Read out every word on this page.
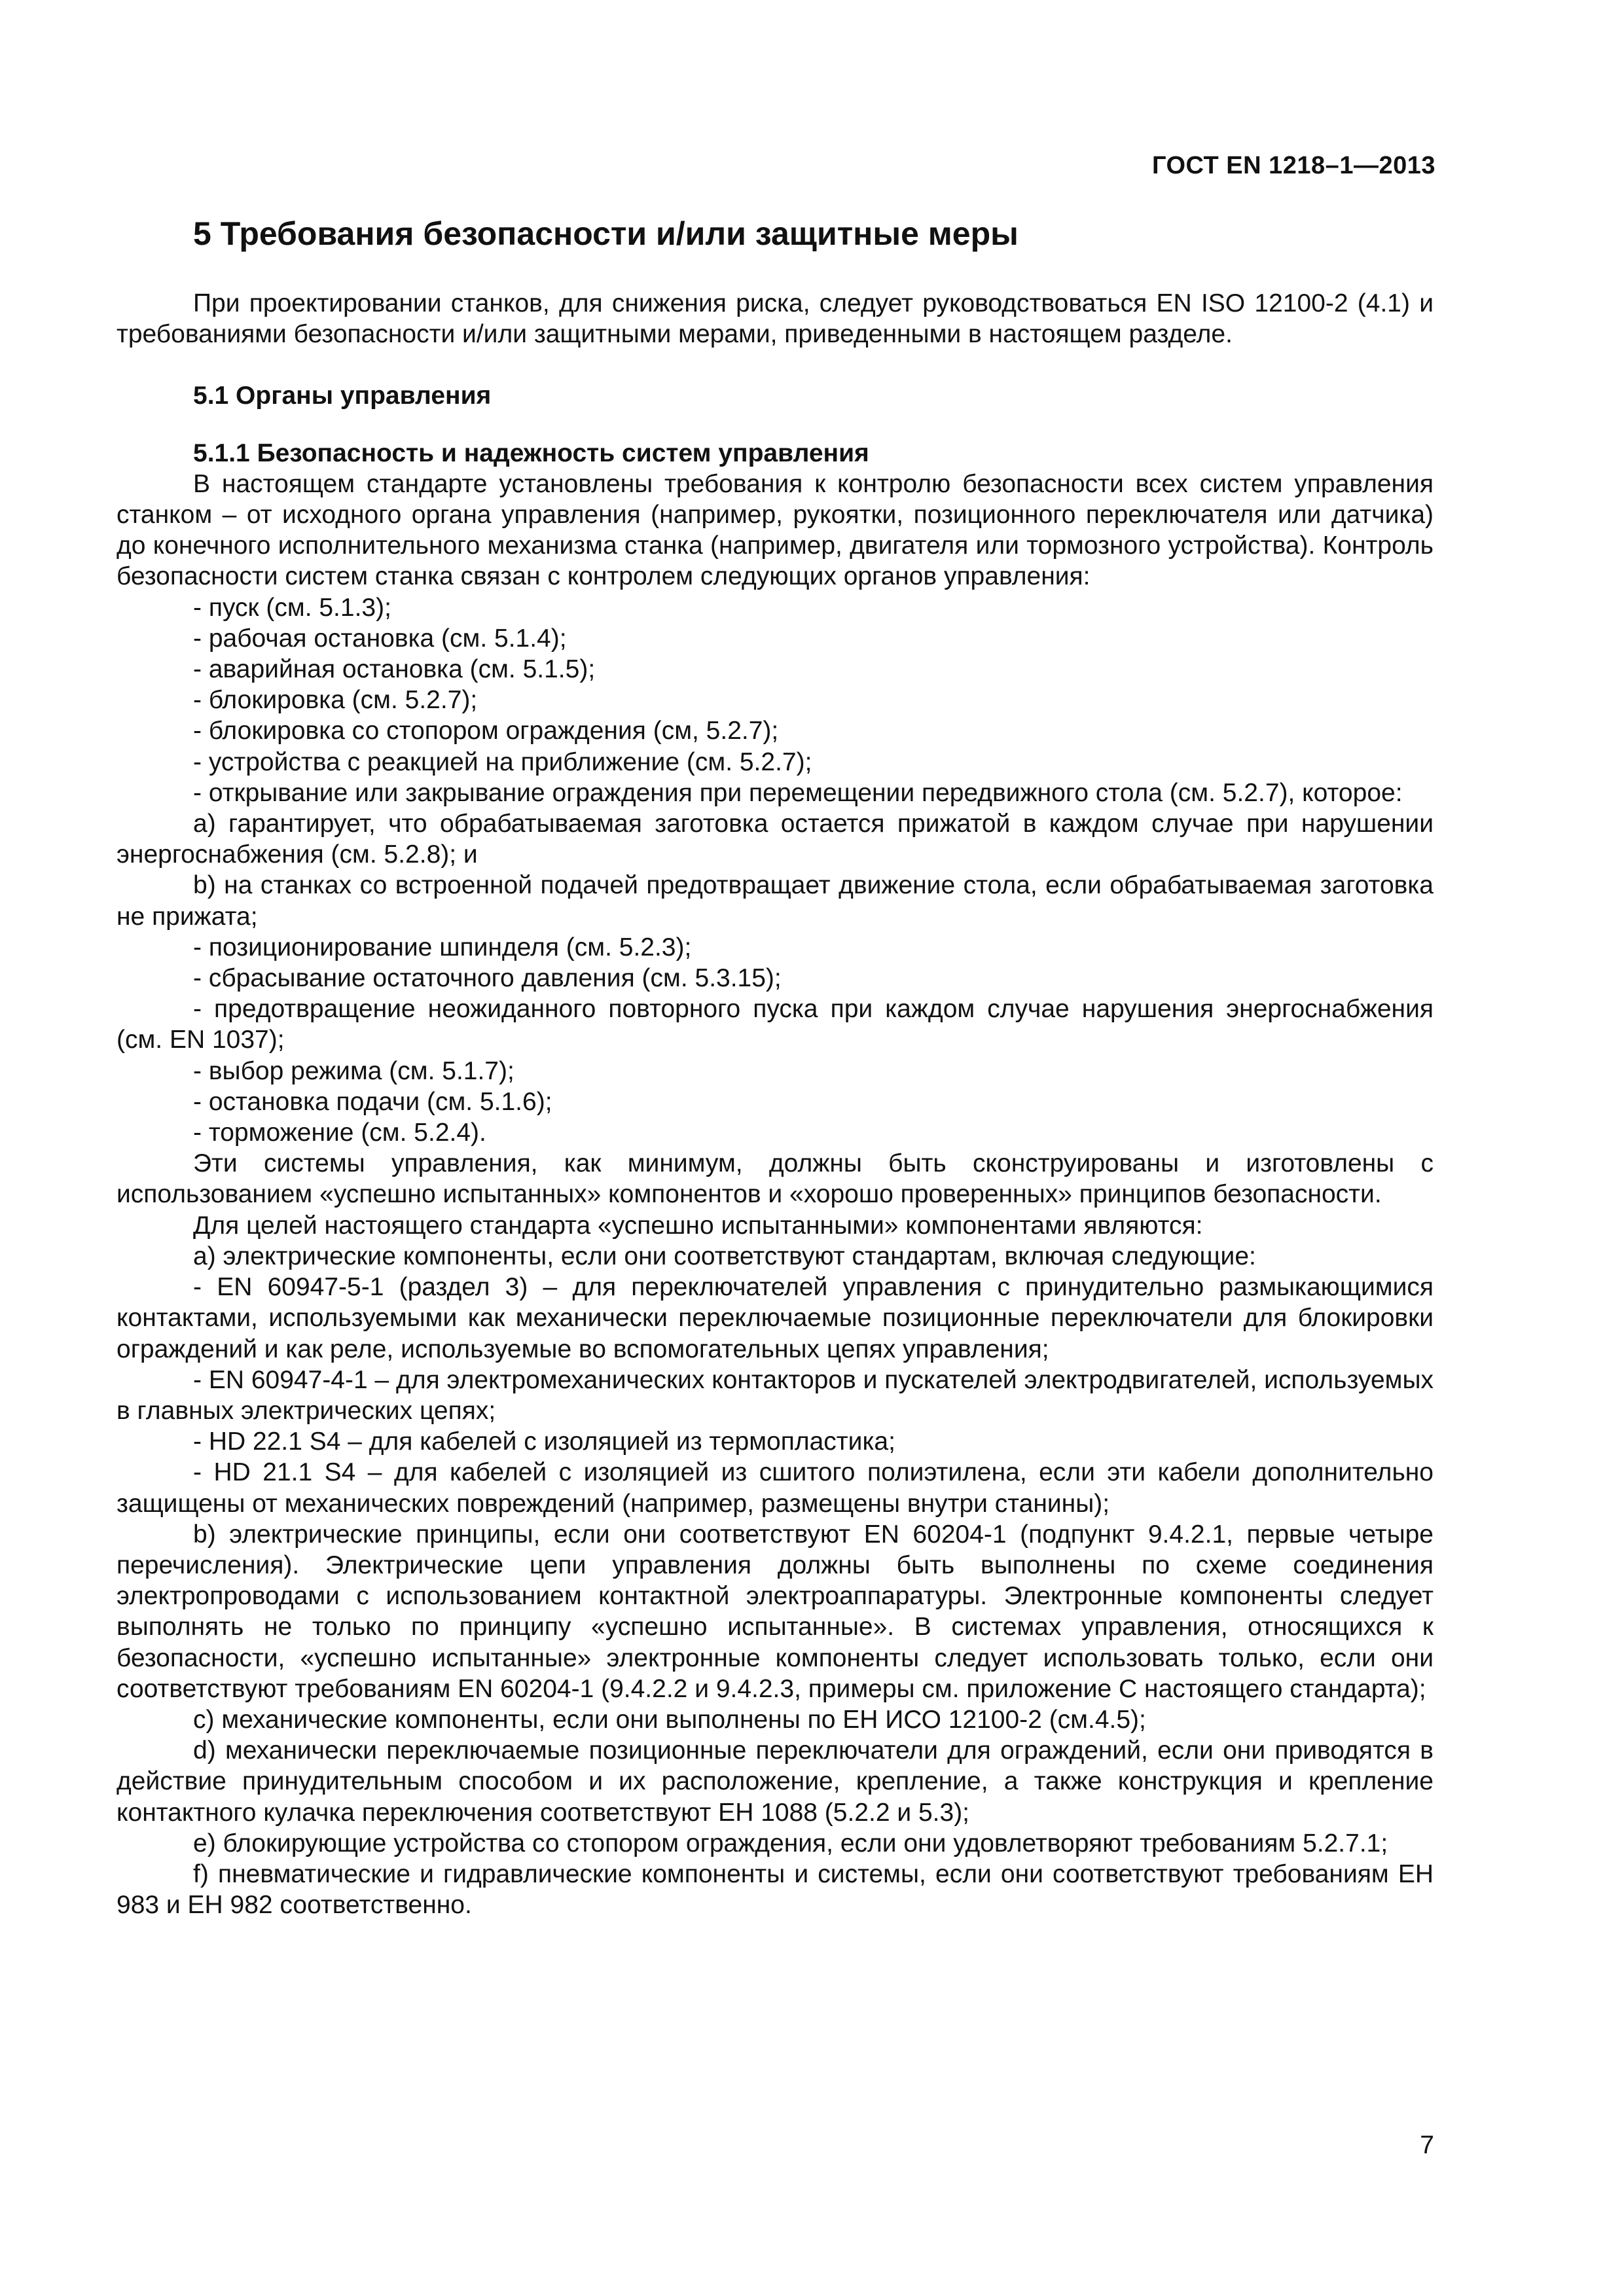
ГОСТ EN 1218–1—2013
5 Требования безопасности и/или защитные меры

При проектировании станков, для снижения риска, следует руководствоваться EN ISO 12100-2 (4.1) и требованиями безопасности и/или защитными мерами, приведенными в настоящем разделе.

5.1 Органы управления

5.1.1 Безопасность и надежность систем управления

В настоящем стандарте установлены требования к контролю безопасности всех систем управления станком – от исходного органа управления (например, рукоятки, позиционного переключателя или датчика) до конечного исполнительного механизма станка (например, двигателя или тормозного устройства). Контроль безопасности систем станка связан с контролем следующих органов управления:

- пуск (см. 5.1.3);

- рабочая остановка (см. 5.1.4);

- аварийная остановка (см. 5.1.5);

- блокировка (см. 5.2.7);

- блокировка со стопором ограждения (см, 5.2.7);

- устройства с реакцией на приближение (см. 5.2.7);

- открывание или закрывание ограждения при перемещении передвижного стола (см. 5.2.7), которое:

a) гарантирует, что обрабатываемая заготовка остается прижатой в каждом случае при нарушении энергоснабжения (см. 5.2.8); и

b) на станках со встроенной подачей предотвращает движение стола, если обрабатываемая заготовка не прижата;

- позиционирование шпинделя (см. 5.2.3);

- сбрасывание остаточного давления (см. 5.3.15);

- предотвращение неожиданного повторного пуска при каждом случае нарушения энергоснабжения (см. EN 1037);

- выбор режима (см. 5.1.7);

- остановка подачи (см. 5.1.6);

- торможение (см. 5.2.4).

Эти системы управления, как минимум, должны быть сконструированы и изготовлены с использованием «успешно испытанных» компонентов и «хорошо проверенных» принципов безопасности.

Для целей настоящего стандарта «успешно испытанными» компонентами являются:

a) электрические компоненты, если они соответствуют стандартам, включая следующие:

- EN 60947-5-1 (раздел 3) – для переключателей управления с принудительно размыкающимися контактами, используемыми как механически переключаемые позиционные переключатели для блокировки ограждений и как реле, используемые во вспомогательных цепях управления;

- EN 60947-4-1 – для электромеханических контакторов и пускателей электродвигателей, используемых в главных электрических цепях;

- HD 22.1 S4 – для кабелей с изоляцией из термопластика;

- HD 21.1 S4 – для кабелей с изоляцией из сшитого полиэтилена, если эти кабели дополнительно защищены от механических повреждений (например, размещены внутри станины);

b) электрические принципы, если они соответствуют EN 60204-1 (подпункт 9.4.2.1, первые четыре перечисления). Электрические цепи управления должны быть выполнены по схеме соединения электропроводами с использованием контактной электроаппаратуры. Электронные компоненты следует выполнять не только по принципу «успешно испытанные». В системах управления, относящихся к безопасности, «успешно испытанные» электронные компоненты следует использовать только, если они соответствуют требованиям EN 60204-1 (9.4.2.2 и 9.4.2.3, примеры см. приложение С настоящего стандарта);

c) механические компоненты, если они выполнены по ЕН ИСО 12100-2 (см.4.5);

d) механически переключаемые позиционные переключатели для ограждений, если они приводятся в действие принудительным способом и их расположение, крепление, а также конструкция и крепление контактного кулачка переключения соответствуют ЕН 1088 (5.2.2 и 5.3);

e) блокирующие устройства со стопором ограждения, если они удовлетворяют требованиям 5.2.7.1;

f) пневматические и гидравлические компоненты и системы, если они соответствуют требованиям ЕН 983 и ЕН 982 соответственно.

7
